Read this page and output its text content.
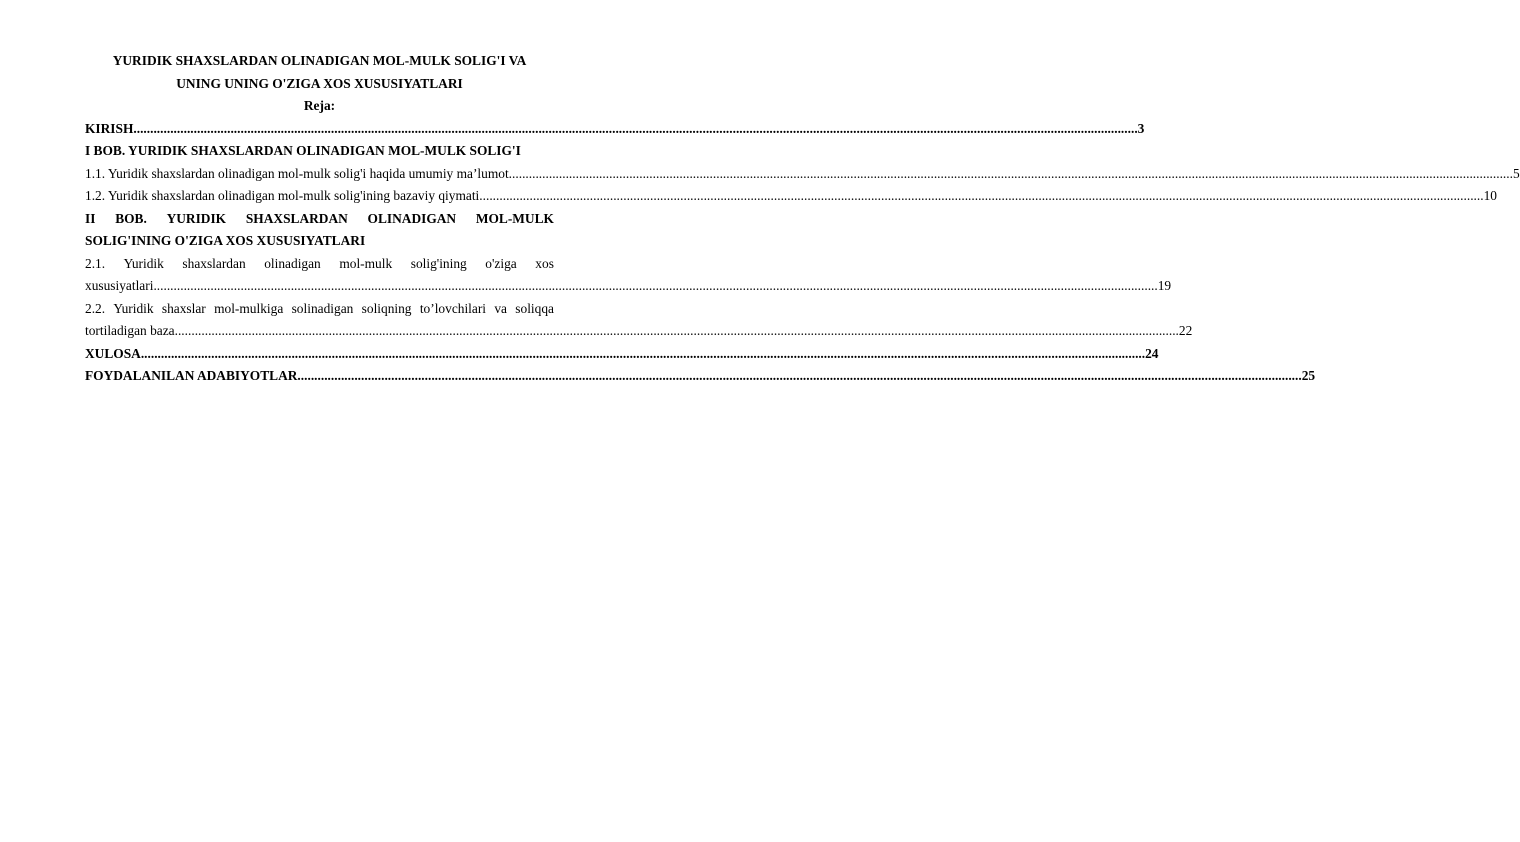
YURIDIK SHAXSLARDAN OLINADIGAN MOL-MULK SOLIG'I VA

UNING UNING O'ZIGA XOS XUSUSIYATLARI

Reja:

KIRISH ............................................................................................................................................................................................................................................................................................................ 3

I BOB. YURIDIK SHAXSLARDAN OLINADIGAN MOL-MULK SOLIG'I

1.1. Yuridik shaxslardan olinadigan mol-mulk solig'i haqida umumiy ma’lumot ............................................................................................................................................................................................................................................................................................................ 5
1.2. Yuridik shaxslardan olinadigan mol-mulk solig'ining bazaviy qiymati ............................................................................................................................................................................................................................................................................................................ 10
II BOB. YURIDIK SHAXSLARDAN OLINADIGAN MOL-MULK

SOLIG'INING O'ZIGA XOS XUSUSIYATLARI

2.1. Yuridik shaxslardan olinadigan mol-mulk solig'ining o'ziga xos
xususiyatlari ............................................................................................................................................................................................................................................................................................................ 19
2.2. Yuridik shaxslar mol-mulkiga solinadigan soliqning to’lovchilari va soliqqa
tortiladigan baza ............................................................................................................................................................................................................................................................................................................ 22
XULOSA ............................................................................................................................................................................................................................................................................................................ 24
FOYDALANILAN ADABIYOTLAR ............................................................................................................................................................................................................................................................................................................ 25
